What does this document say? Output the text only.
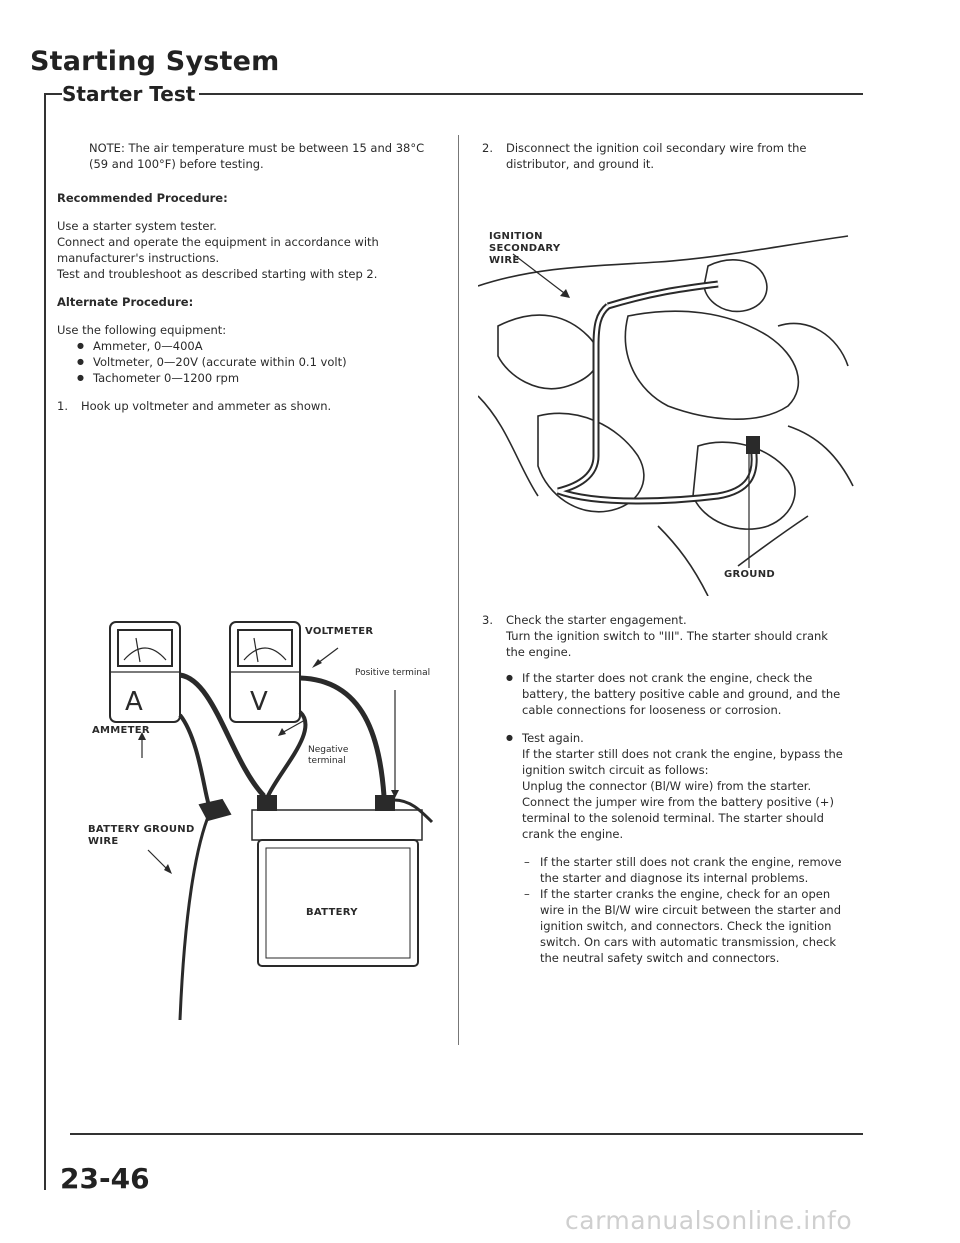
Starting System
Starter Test
NOTE: The air temperature must be between 15 and 38°C (59 and 100°F) before testing.
Recommended Procedure:
Use a starter system tester.
Connect and operate the equipment in accordance with manufacturer's instructions.
Test and troubleshoot as described starting with step 2.
Alternate Procedure:
Use the following equipment:
● Ammeter, 0—400A
● Voltmeter, 0—20V (accurate within 0.1 volt)
● Tachometer 0—1200 rpm
1. Hook up voltmeter and ammeter as shown.
A	V
VOLTMETER
Positive terminal
AMMETER
Negative terminal
BATTERY GROUND WIRE
BATTERY
2. Disconnect the ignition coil secondary wire from the distributor, and ground it.
IGNITION SECONDARY WIRE
GROUND
3. Check the starter engagement.
Turn the ignition switch to "III". The starter should crank the engine.
● If the starter does not crank the engine, check the battery, the battery positive cable and ground, and the cable connections for looseness or corrosion.
● Test again.
If the starter still does not crank the engine, bypass the ignition switch circuit as follows:
Unplug the connector (Bl/W wire) from the starter. Connect the jumper wire from the battery positive (+) terminal to the solenoid terminal. The starter should crank the engine.
– If the starter still does not crank the engine, remove the starter and diagnose its internal problems.
– If the starter cranks the engine, check for an open wire in the Bl/W wire circuit between the starter and ignition switch, and connectors. Check the ignition switch. On cars with automatic transmission, check the neutral safety switch and connectors.
23-46
carmanualsonline.info
